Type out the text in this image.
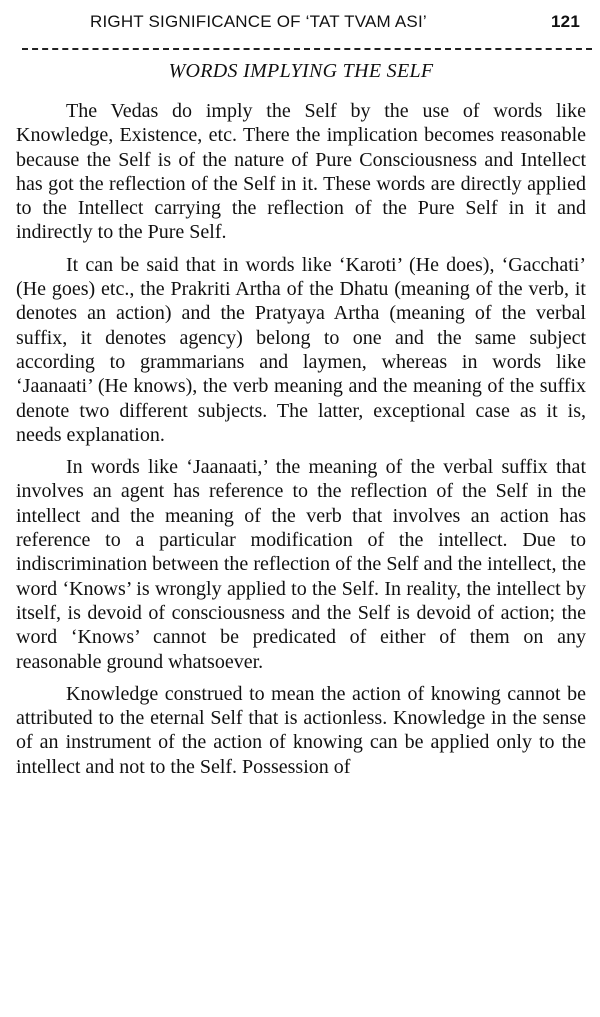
RIGHT SIGNIFICANCE OF ‘TAT TVAM ASI’	121
WORDS IMPLYING THE SELF

The Vedas do imply the Self by the use of words like Knowledge, Existence, etc. There the implication becomes reasonable because the Self is of the nature of Pure Consciousness and Intellect has got the reflection of the Self in it. These words are directly applied to the Intellect carrying the reflection of the Pure Self in it and indirectly to the Pure Self.

It can be said that in words like ‘Karoti’ (He does), ‘Gacchati’ (He goes) etc., the Prakriti Artha of the Dhatu (meaning of the verb, it denotes an action) and the Pratyaya Artha (meaning of the verbal suffix, it denotes agency) belong to one and the same subject according to grammarians and laymen, whereas in words like ‘Jaanaati’ (He knows), the verb meaning and the meaning of the suffix denote two different subjects. The latter, exceptional case as it is, needs explanation.

In words like ‘Jaanaati,’ the meaning of the verbal suffix that involves an agent has reference to the reflection of the Self in the intellect and the meaning of the verb that involves an action has reference to a particular modification of the intellect. Due to indiscrimination between the reflection of the Self and the intellect, the word ‘Knows’ is wrongly applied to the Self. In reality, the intellect by itself, is devoid of consciousness and the Self is devoid of action; the word ‘Knows’ cannot be predicated of either of them on any reasonable ground whatsoever.

Knowledge construed to mean the action of knowing cannot be attributed to the eternal Self that is actionless. Knowledge in the sense of an instrument of the action of knowing can be applied only to the intellect and not to the Self. Possession of
